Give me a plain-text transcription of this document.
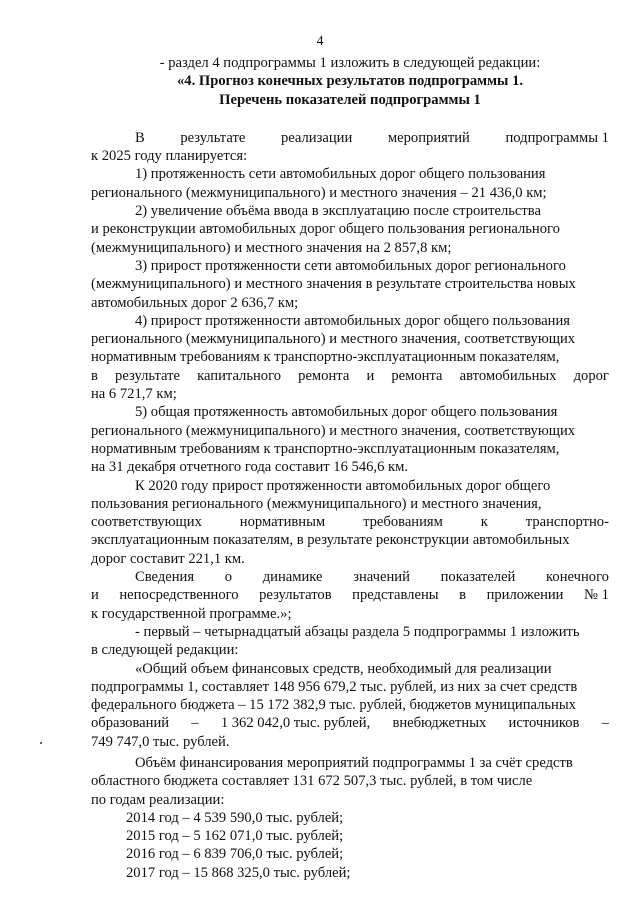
4
- раздел 4 подпрограммы 1 изложить в следующей редакции:
«4. Прогноз конечных результатов подпрограммы 1.
Перечень показателей подпрограммы 1
В результате реализации мероприятий подпрограммы 1
к 2025 году планируется:
1) протяженность сети автомобильных дорог общего пользования
регионального (межмуниципального) и местного значения – 21 436,0 км;
2) увеличение объёма ввода в эксплуатацию после строительства
и реконструкции автомобильных дорог общего пользования регионального
(межмуниципального) и местного значения на 2 857,8 км;
3) прирост протяженности сети автомобильных дорог регионального
(межмуниципального) и местного значения в результате строительства новых
автомобильных дорог 2 636,7 км;
4) прирост протяженности автомобильных дорог общего пользования
регионального (межмуниципального) и местного значения, соответствующих
нормативным требованиям к транспортно-эксплуатационным показателям,
в результате капитального ремонта и ремонта автомобильных дорог
на 6 721,7 км;
5) общая протяженность автомобильных дорог общего пользования
регионального (межмуниципального) и местного значения, соответствующих
нормативным требованиям к транспортно-эксплуатационным показателям,
на 31 декабря отчетного года составит 16 546,6 км.
К 2020 году прирост протяженности автомобильных дорог общего
пользования регионального (межмуниципального) и местного значения,
соответствующих	нормативным	требованиям	к	транспортно-
эксплуатационным показателям, в результате реконструкции автомобильных
дорог составит 221,1 км.
Сведения о динамике значений показателей конечного
и непосредственного результатов представлены в приложении № 1
к государственной программе.»;
- первый – четырнадцатый абзацы раздела 5 подпрограммы 1 изложить
в следующей редакции:
«Общий объем финансовых средств, необходимый для реализации
подпрограммы 1, составляет 148 956 679,2 тыс. рублей, из них за счет средств
федерального бюджета – 15 172 382,9 тыс. рублей, бюджетов муниципальных
образований – 1 362 042,0 тыс. рублей, внебюджетных источников –
749 747,0 тыс. рублей.
Объём финансирования мероприятий подпрограммы 1 за счёт средств
областного бюджета составляет 131 672 507,3 тыс. рублей, в том числе
по годам реализации:
2014 год – 4 539 590,0 тыс. рублей;
2015 год – 5 162 071,0 тыс. рублей;
2016 год – 6 839 706,0 тыс. рублей;
2017 год – 15 868 325,0 тыс. рублей;
